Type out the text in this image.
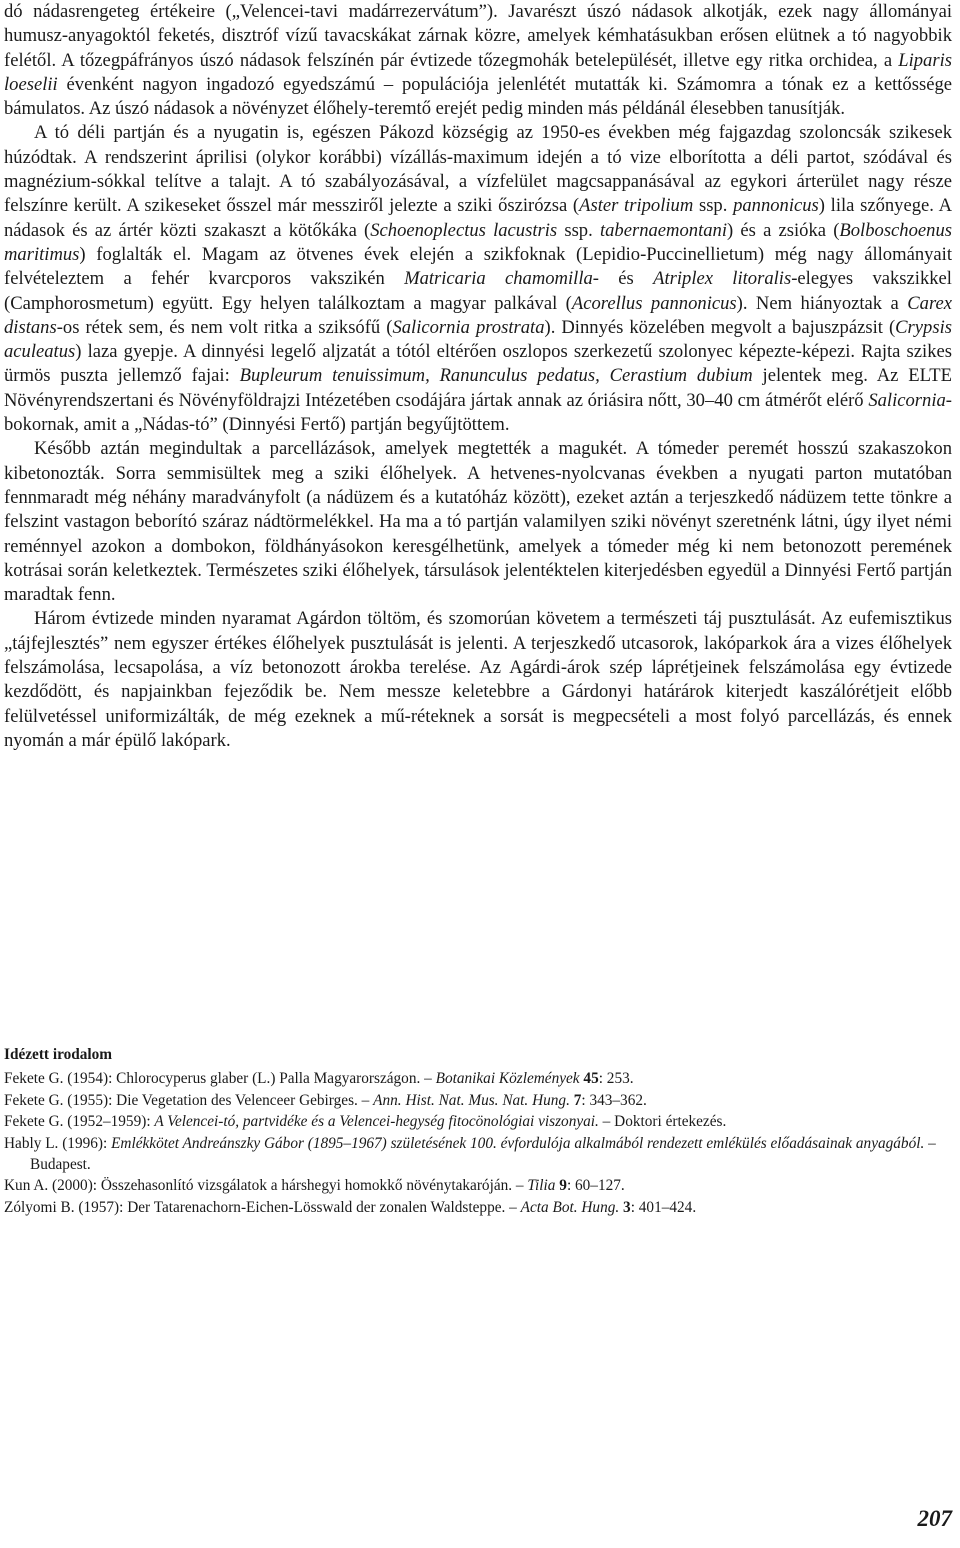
dó nádasrengeteg értékeire („Velencei-tavi madárrezervátum”). Javarészt úszó nádasok alkotják, ezek nagy állományai humusz-anyagoktól feketés, disztróf vízű tavacskákat zárnak közre, amelyek kémhatásukban erősen elütnek a tó nagyobbik felétől. A tőzegpáfrányos úszó nádasok felszínén pár évtizede tőzegmohák betelepülését, illetve egy ritka orchidea, a Liparis loeselii évenként nagyon ingadozó egyedszámú – populációja jelenlétét mutatták ki. Számomra a tónak ez a kettőssége bámulatos. Az úszó nádasok a növényzet élőhely-teremtő erejét pedig minden más példánál élesebben tanusítják.

A tó déli partján és a nyugatin is, egészen Pákozd községig az 1950-es években még fajgazdag szoloncsák szikesek húzódtak. A rendszerint áprilisi (olykor korábbi) vízállás-maximum idején a tó vize elborította a déli partot, szódával és magnézium-sókkal telítve a talajt. A tó szabályozásával, a vízfelület magcsappanásával az egykori árterület nagy része felszínre került. A szikeseket ősszel már messziről jelezte a sziki őszirózsa (Aster tripolium ssp. pannonicus) lila szőnyege. A nádasok és az ártér közti szakaszt a kötőkáka (Schoenoplectus lacustris ssp. tabernaemontani) és a zsióka (Bolboschoenus maritimus) foglalták el. Magam az ötvenes évek elején a szikfoknak (Lepidio-Puccinellietum) még nagy állományait felvételeztem a fehér kvarcporos vakszikén Matricaria chamomilla- és Atriplex litoralis-elegyes vakszikkel (Camphorosmetum) együtt. Egy helyen találkoztam a magyar palkával (Acorellus pannonicus). Nem hiányoztak a Carex distans-os rétek sem, és nem volt ritka a sziksófű (Salicornia prostrata). Dinnyés közelében megvolt a bajuszpázsit (Crypsis aculeatus) laza gyepje. A dinnyési legelő aljzatát a tótól eltérően oszlopos szerkezetű szolonyec képezte-képezi. Rajta szikes ürmös puszta jellemző fajai: Bupleurum tenuissimum, Ranunculus pedatus, Cerastium dubium jelentek meg. Az ELTE Növényrendszertani és Növényföldrajzi Intézetében csodájára jártak annak az óriásira nőtt, 30–40 cm átmérőt elérő Salicornia-bokornak, amit a „Nádas-tó” (Dinnyési Fertő) partján begyűjtöttem.

Később aztán megindultak a parcellázások, amelyek megtették a magukét. A tómeder peremét hosszú szakaszokon kibetonozták. Sorra semmisültek meg a sziki élőhelyek. A hetvenes-nyolcvanas években a nyugati parton mutatóban fennmaradt még néhány maradványfolt (a nádüzem és a kutatóház között), ezeket aztán a terjeszkedő nádüzem tette tönkre a felszint vastagon beborító száraz nádtörmelékkel. Ha ma a tó partján valamilyen sziki növényt szeretnénk látni, úgy ilyet némi reménnyel azokon a dombokon, földhányásokon keresgélhetünk, amelyek a tómeder még ki nem betonozott peremének kotrásai során keletkeztek. Természetes sziki élőhelyek, társulások jelentéktelen kiterjedésben egyedül a Dinnyési Fertő partján maradtak fenn.

Három évtizede minden nyaramat Agárdon töltöm, és szomorúan követem a természeti táj pusztulását. Az eufemisztikus „tájfejlesztés” nem egyszer értékes élőhelyek pusztulását is jelenti. A terjeszkedő utcasorok, lakóparkok ára a vizes élőhelyek felszámolása, lecsapolása, a víz betonozott árokba terelése. Az Agárdi-árok szép láprétjeinek felszámolása egy évtizede kezdődött, és napjainkban fejeződik be. Nem messze keletebbre a Gárdonyi határárok kiterjedt kaszálórétjeit előbb felülvetéssel uniformizálták, de még ezeknek a mű-réteknek a sorsát is megpecsételi a most folyó parcellázás, és ennek nyomán a már épülő lakópark.

Idézett irodalom
Fekete G. (1954): Chlorocyperus glaber (L.) Palla Magyarországon. – Botanikai Közlemények 45: 253.
Fekete G. (1955): Die Vegetation des Velenceer Gebirges. – Ann. Hist. Nat. Mus. Nat. Hung. 7: 343–362.
Fekete G. (1952–1959): A Velencei-tó, partvidéke és a Velencei-hegység fitocönológiai viszonyai. – Doktori értekezés.
Hably L. (1996): Emlékkötet Andreánszky Gábor (1895–1967) születésének 100. évfordulója alkalmából rendezett emlékülés előadásainak anyagából. – Budapest.
Kun A. (2000): Összehasonlító vizsgálatok a hárshegyi homokkő növénytakaróján. – Tilia 9: 60–127.
Zólyomi B. (1957): Der Tatarenachorn-Eichen-Lösswald der zonalen Waldsteppe. – Acta Bot. Hung. 3: 401–424.
207
